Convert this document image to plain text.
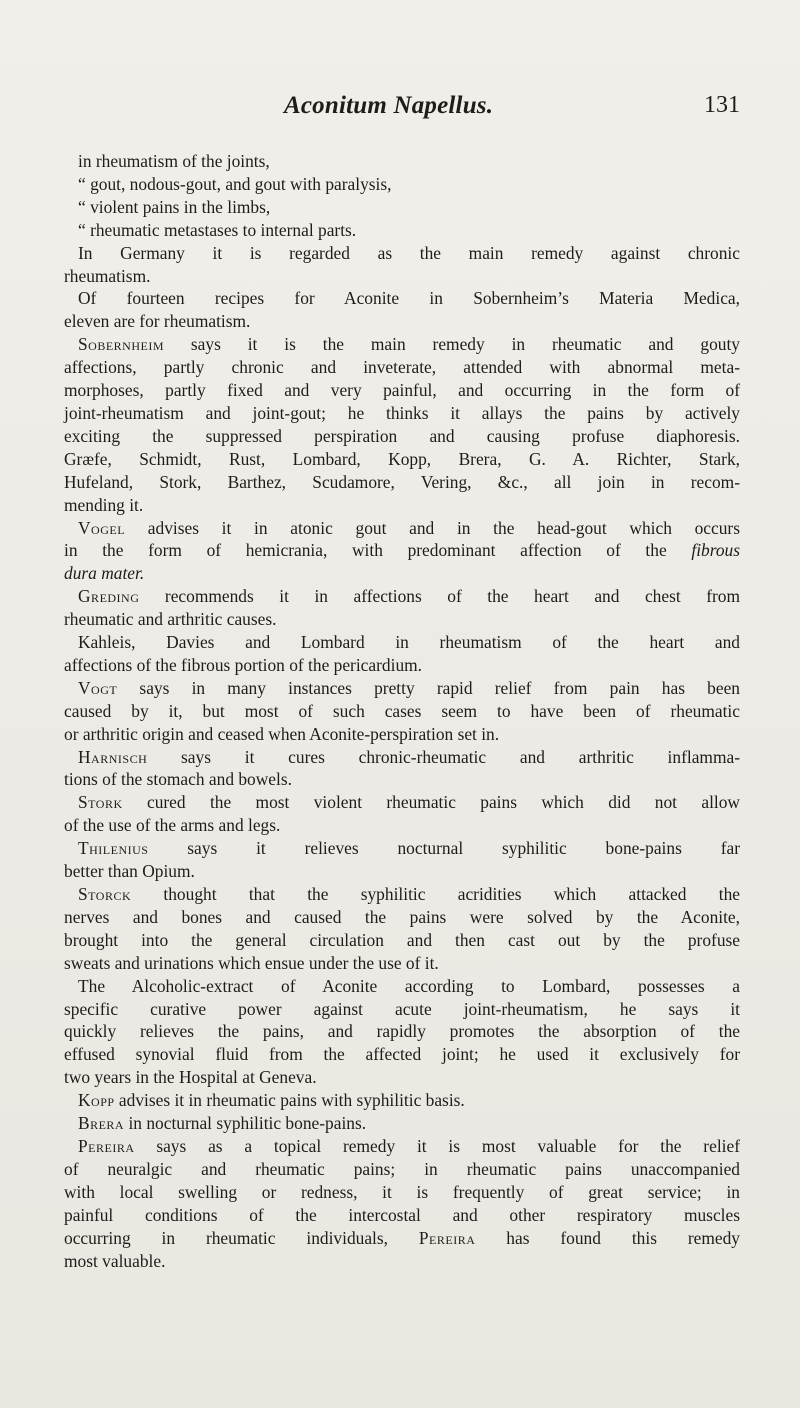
Aconitum Napellus.	131
in rheumatism of the joints,
“ gout, nodous-gout, and gout with paralysis,
“ violent pains in the limbs,
“ rheumatic metastases to internal parts.
In Germany it is regarded as the main remedy against chronic
rheumatism.
Of fourteen recipes for Aconite in Sobernheim’s Materia Medica,
eleven are for rheumatism.
Sobernheim says it is the main remedy in rheumatic and gouty
affections, partly chronic and inveterate, attended with abnormal meta-
morphoses, partly fixed and very painful, and occurring in the form of
joint-rheumatism and joint-gout; he thinks it allays the pains by actively
exciting the suppressed perspiration and causing profuse diaphoresis.
Græfe, Schmidt, Rust, Lombard, Kopp, Brera, G. A. Richter, Stark,
Hufeland, Stork, Barthez, Scudamore, Vering, &c., all join in recom-
mending it.
Vogel advises it in atonic gout and in the head-gout which occurs
in the form of hemicrania, with predominant affection of the fibrous
dura mater.
Greding recommends it in affections of the heart and chest from
rheumatic and arthritic causes.
Kahleis, Davies and Lombard in rheumatism of the heart and
affections of the fibrous portion of the pericardium.
Vogt says in many instances pretty rapid relief from pain has been
caused by it, but most of such cases seem to have been of rheumatic
or arthritic origin and ceased when Aconite-perspiration set in.
Harnisch says it cures chronic-rheumatic and arthritic inflamma-
tions of the stomach and bowels.
Stork cured the most violent rheumatic pains which did not allow
of the use of the arms and legs.
Thilenius says it relieves nocturnal syphilitic bone-pains far
better than Opium.
Storck thought that the syphilitic acridities which attacked the
nerves and bones and caused the pains were solved by the Aconite,
brought into the general circulation and then cast out by the profuse
sweats and urinations which ensue under the use of it.
The Alcoholic-extract of Aconite according to Lombard, possesses a
specific curative power against acute joint-rheumatism, he says it
quickly relieves the pains, and rapidly promotes the absorption of the
effused synovial fluid from the affected joint; he used it exclusively for
two years in the Hospital at Geneva.
Kopp advises it in rheumatic pains with syphilitic basis.
Brera in nocturnal syphilitic bone-pains.
Pereira says as a topical remedy it is most valuable for the relief
of neuralgic and rheumatic pains; in rheumatic pains unaccompanied
with local swelling or redness, it is frequently of great service; in
painful conditions of the intercostal and other respiratory muscles
occurring in rheumatic individuals, Pereira has found this remedy
most valuable.
